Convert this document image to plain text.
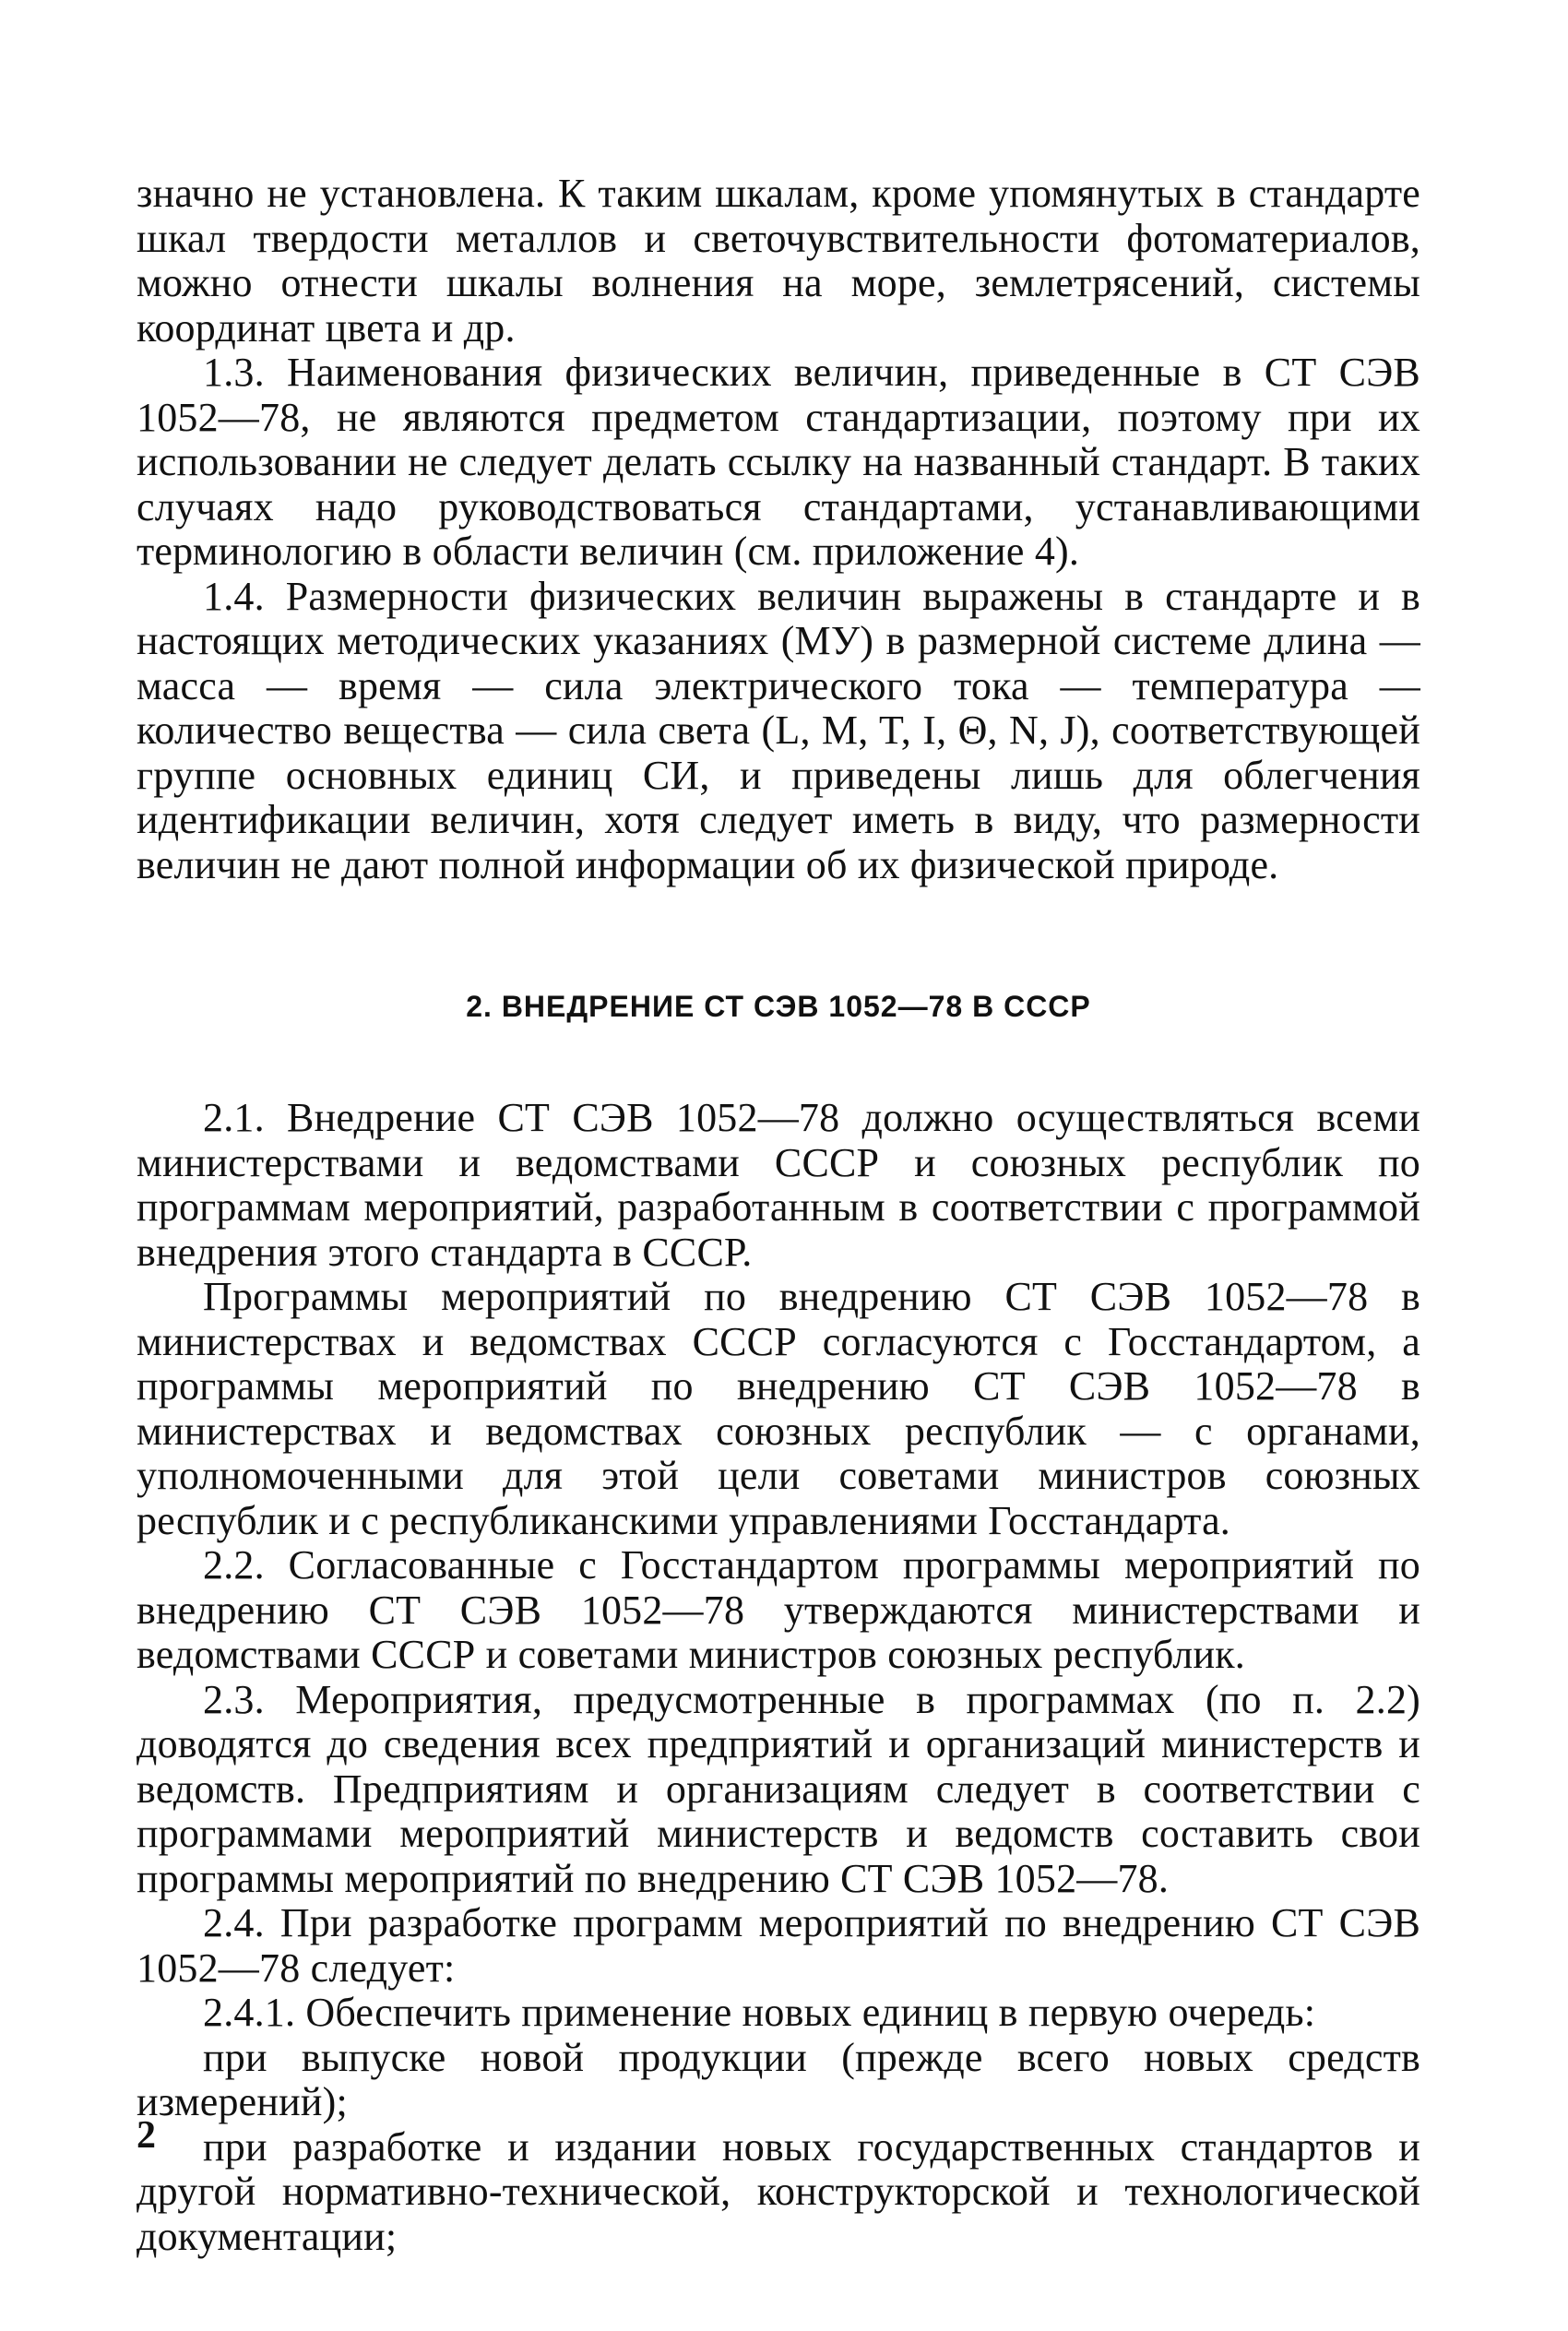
значно не установлена. К таким шкалам, кроме упомянутых в стандарте шкал твердости металлов и светочувствительности фотоматериалов, можно отнести шкалы волнения на море, землетрясений, системы координат цвета и др.

1.3. Наименования физических величин, приведенные в СТ СЭВ 1052—78, не являются предметом стандартизации, поэтому при их использовании не следует делать ссылку на названный стандарт. В таких случаях надо руководствоваться стандартами, устанавливающими терминологию в области величин (см. приложение 4).

1.4. Размерности физических величин выражены в стандарте и в настоящих методических указаниях (МУ) в размерной системе длина — масса — время — сила электрического тока — температура — количество вещества — сила света (L, M, T, I, Θ, N, J), соответствующей группе основных единиц СИ, и приведены лишь для облегчения идентификации величин, хотя следует иметь в виду, что размерности величин не дают полной информации об их физической природе.

2. ВНЕДРЕНИЕ СТ СЭВ 1052—78 В СССР

2.1. Внедрение СТ СЭВ 1052—78 должно осуществляться всеми министерствами и ведомствами СССР и союзных республик по программам мероприятий, разработанным в соответствии с программой внедрения этого стандарта в СССР.

Программы мероприятий по внедрению СТ СЭВ 1052—78 в министерствах и ведомствах СССР согласуются с Госстандартом, а программы мероприятий по внедрению СТ СЭВ 1052—78 в министерствах и ведомствах союзных республик — с органами, уполномоченными для этой цели советами министров союзных республик и с республиканскими управлениями Госстандарта.

2.2. Согласованные с Госстандартом программы мероприятий по внедрению СТ СЭВ 1052—78 утверждаются министерствами и ведомствами СССР и советами министров союзных республик.

2.3. Мероприятия, предусмотренные в программах (по п. 2.2) доводятся до сведения всех предприятий и организаций министерств и ведомств. Предприятиям и организациям следует в соответствии с программами мероприятий министерств и ведомств составить свои программы мероприятий по внедрению СТ СЭВ 1052—78.

2.4. При разработке программ мероприятий по внедрению СТ СЭВ 1052—78 следует:

2.4.1. Обеспечить применение новых единиц в первую очередь:

при выпуске новой продукции (прежде всего новых средств измерений);

при разработке и издании новых государственных стандартов и другой нормативно-технической, конструкторской и технологической документации;

2
